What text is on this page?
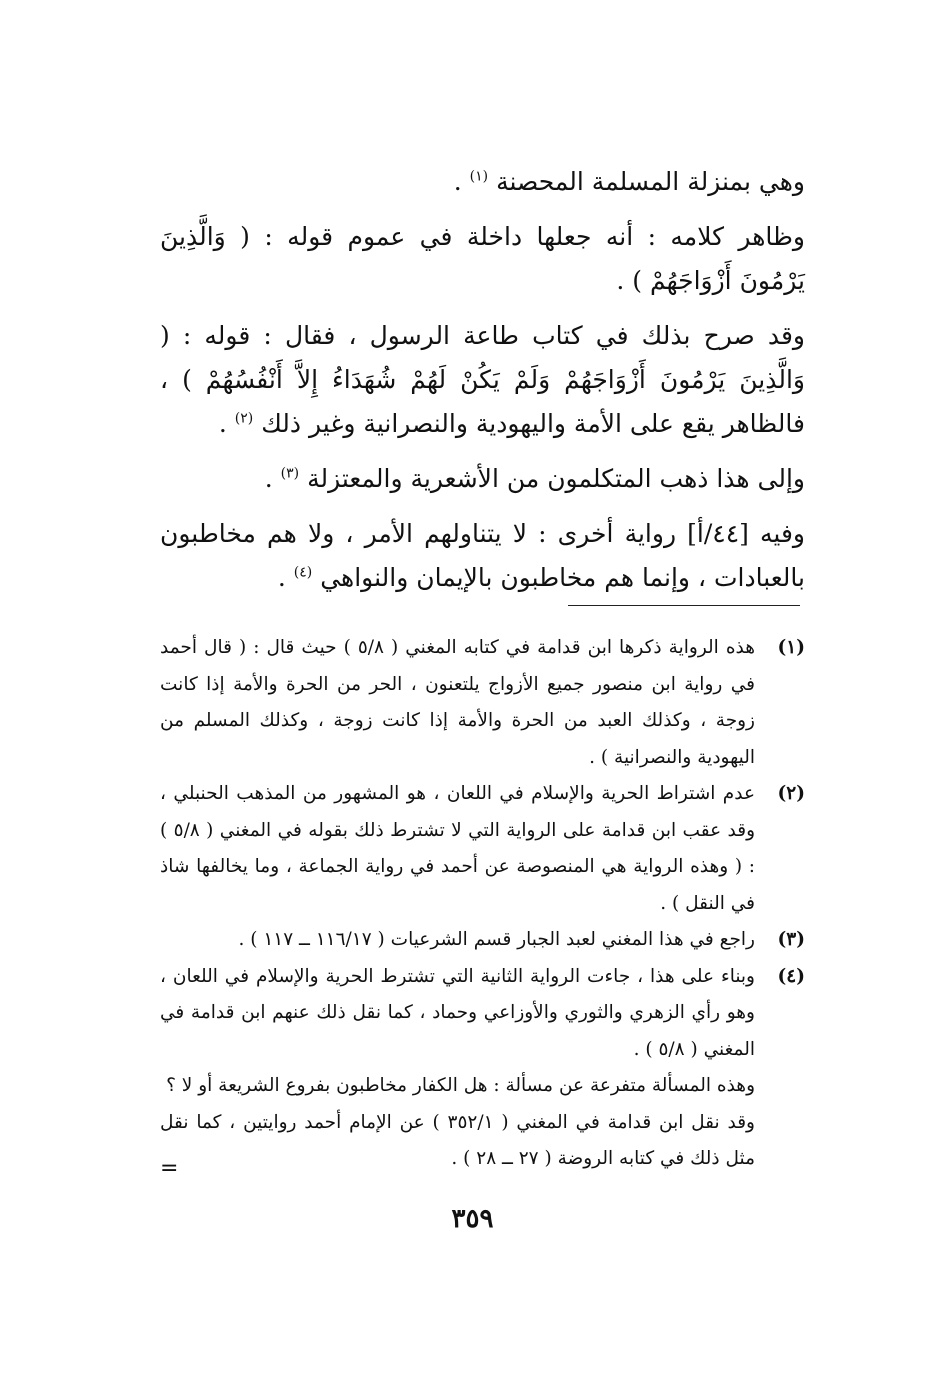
وهي بمنزلة المسلمة المحصنة $^{(١)}$ .

وظاهر كلامه : أنه جعلها داخلة في عموم قوله : ( وَالَّذِينَ يَرْمُونَ أَزْوَاجَهُمْ ) .

وقد صرح بذلك في كتاب طاعة الرسول ، فقال : قوله : ( وَالَّذِينَ يَرْمُونَ أَزْوَاجَهُمْ وَلَمْ يَكُنْ لَهُمْ شُهَدَاءُ إِلاَّ أَنْفُسُهُمْ ) ، فالظاهر يقع على الأمة واليهودية والنصرانية وغير ذلك $^{(٢)}$ .

وإلى هذا ذهب المتكلمون من الأشعرية والمعتزلة $^{(٣)}$ .

وفيه [٤٤/أ] رواية أخرى : لا يتناولهم الأمر ، ولا هم مخاطبون بالعبادات ، وإنما هم مخاطبون بالإيمان والنواهي $^{(٤)}$ .

(١)
هذه الرواية ذكرها ابن قدامة في كتابه المغني ( ٥/٨ ) حيث قال : ( قال أحمد في رواية ابن منصور جميع الأزواج يلتعنون ، الحر من الحرة والأمة إذا كانت زوجة ، وكذلك العبد من الحرة والأمة إذا كانت زوجة ، وكذلك المسلم من اليهودية والنصرانية ) .
(٢)
عدم اشتراط الحرية والإسلام في اللعان ، هو المشهور من المذهب الحنبلي ، وقد عقب ابن قدامة على الرواية التي لا تشترط ذلك بقوله في المغني ( ٥/٨ ) : ( وهذه الرواية هي المنصوصة عن أحمد في رواية الجماعة ، وما يخالفها شاذ في النقل ) .
(٣)
راجع في هذا المغني لعبد الجبار قسم الشرعيات ( ١١٦/١٧ ــ ١١٧ ) .
(٤)
وبناء على هذا ، جاءت الرواية الثانية التي تشترط الحرية والإسلام في اللعان ، وهو رأي الزهري والثوري والأوزاعي وحماد ، كما نقل ذلك عنهم ابن قدامة في المغني ( ٥/٨ ) .

وهذه المسألة متفرعة عن مسألة : هل الكفار مخاطبون بفروع الشريعة أو لا ؟

وقد نقل ابن قدامة في المغني ( ٣٥٢/١ ) عن الإمام أحمد روايتين ، كما نقل مثل ذلك في كتابه الروضة ( ٢٧ ــ ٢٨ ) .

=
٣٥٩
